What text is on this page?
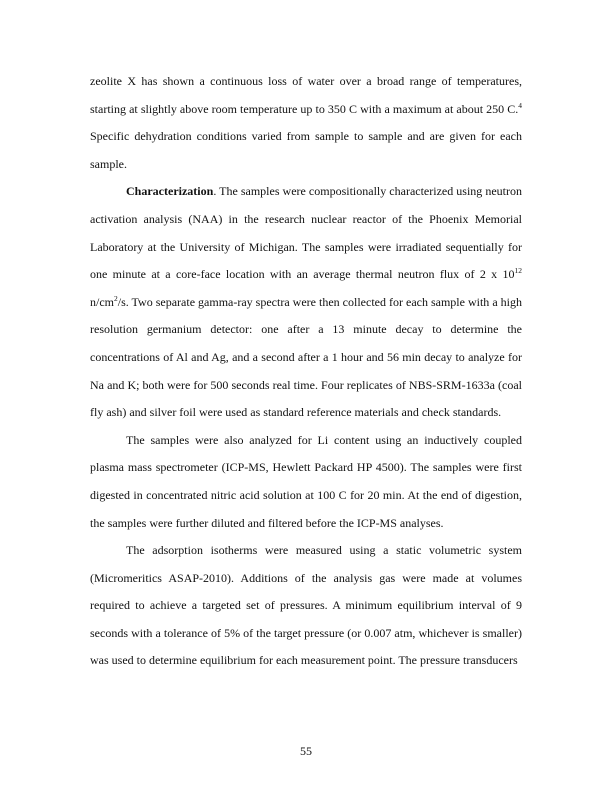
zeolite X has shown a continuous loss of water over a broad range of temperatures, starting at slightly above room temperature up to 350 C with a maximum at about 250 C.$^4$ Specific dehydration conditions varied from sample to sample and are given for each sample.

Characterization. The samples were compositionally characterized using neutron activation analysis (NAA) in the research nuclear reactor of the Phoenix Memorial Laboratory at the University of Michigan. The samples were irradiated sequentially for one minute at a core-face location with an average thermal neutron flux of 2 x $10^{12}$ $n/cm^2/s$. Two separate gamma-ray spectra were then collected for each sample with a high resolution germanium detector: one after a 13 minute decay to determine the concentrations of Al and Ag, and a second after a 1 hour and 56 min decay to analyze for Na and K; both were for 500 seconds real time. Four replicates of NBS-SRM-1633a (coal fly ash) and silver foil were used as standard reference materials and check standards.

The samples were also analyzed for Li content using an inductively coupled plasma mass spectrometer (ICP-MS, Hewlett Packard HP 4500). The samples were first digested in concentrated nitric acid solution at 100 C for 20 min. At the end of digestion, the samples were further diluted and filtered before the ICP-MS analyses.

The adsorption isotherms were measured using a static volumetric system (Micromeritics ASAP-2010). Additions of the analysis gas were made at volumes required to achieve a targeted set of pressures. A minimum equilibrium interval of 9 seconds with a tolerance of 5% of the target pressure (or 0.007 atm, whichever is smaller) was used to determine equilibrium for each measurement point. The pressure transducers

55
